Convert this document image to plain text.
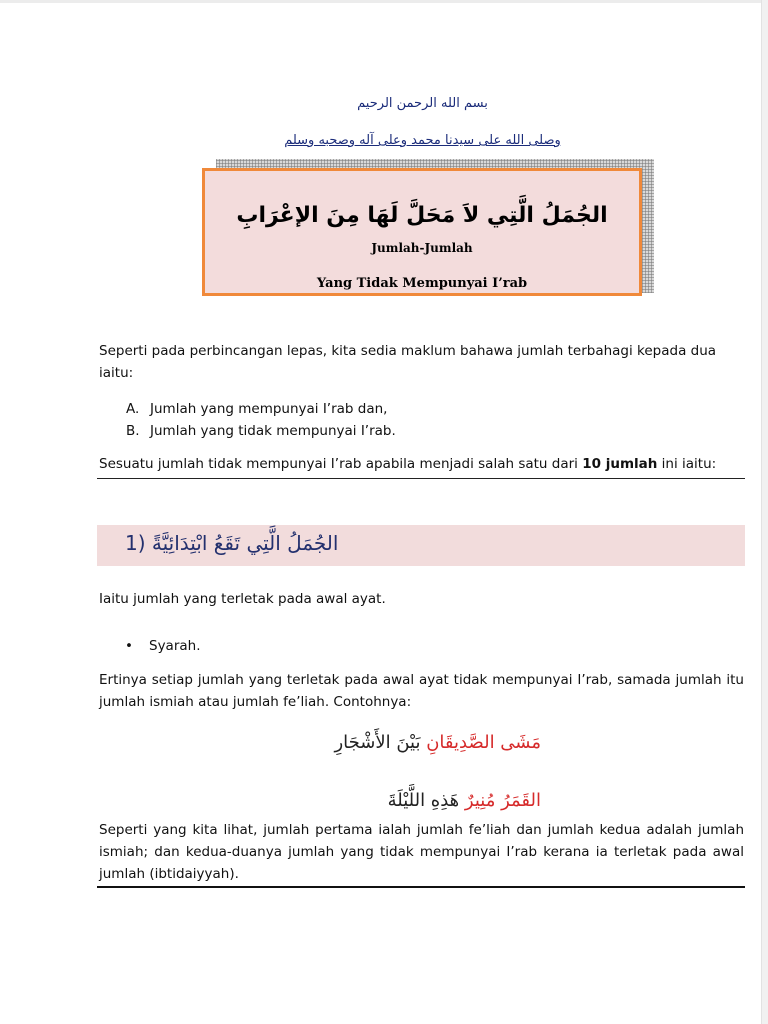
بسم الله الرحمن الرحيم
وصلى الله على سيدنا محمد وعلى آله وصحبه وسلم
الجُمَلُ الَّتِي لاَ مَحَلَّ لَهَا مِنَ الإعْرَابِ
Jumlah-Jumlah
Yang Tidak Mempunyai I’rab
Seperti pada perbincangan lepas, kita sedia maklum bahawa jumlah terbahagi kepada dua iaitu:
A. Jumlah yang mempunyai I’rab dan,
B. Jumlah yang tidak mempunyai I’rab.
Sesuatu jumlah tidak mempunyai I’rab apabila menjadi salah satu dari 10 jumlah ini iaitu:
1) الجُمَلُ الَّتِي تَقَعُ ابْتِدَائِيَّةً
Iaitu jumlah yang terletak pada awal ayat.
• Syarah.
Ertinya setiap jumlah yang terletak pada awal ayat tidak mempunyai I’rab, samada jumlah itu jumlah ismiah atau jumlah fe’liah. Contohnya:
مَشَى الصَّدِيقَانِ بَيْنَ الأَشْجَارِ
القَمَرُ مُنِيرٌ هَذِهِ اللَّيْلَةَ
Seperti yang kita lihat, jumlah pertama ialah jumlah fe’liah dan jumlah kedua adalah jumlah ismiah; dan kedua-duanya jumlah yang tidak mempunyai I’rab kerana ia terletak pada awal jumlah (ibtidaiyyah).
